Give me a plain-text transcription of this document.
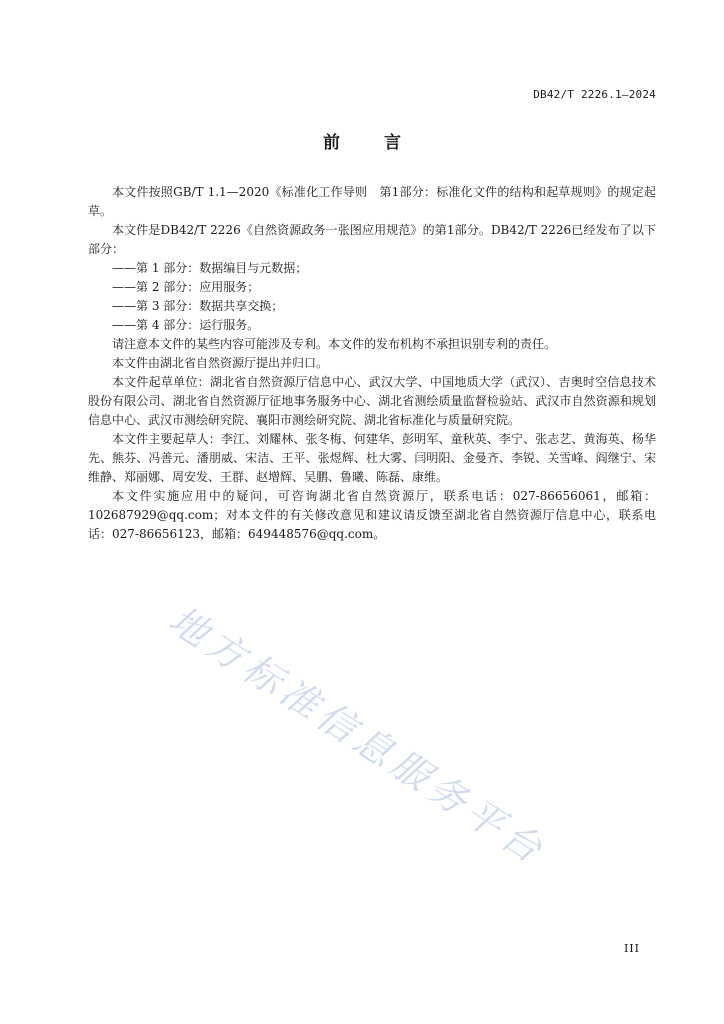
DB42/T 2226.1—2024
前	言

本文件按照GB/T 1.1—2020《标准化工作导则　第1部分：标准化文件的结构和起草规则》的规定起草。

本文件是DB42/T 2226《自然资源政务一张图应用规范》的第1部分。DB42/T 2226已经发布了以下部分：

——第 1 部分：数据编目与元数据；

——第 2 部分：应用服务；

——第 3 部分：数据共享交换；

——第 4 部分：运行服务。

请注意本文件的某些内容可能涉及专利。本文件的发布机构不承担识别专利的责任。

本文件由湖北省自然资源厅提出并归口。

本文件起草单位：湖北省自然资源厅信息中心、武汉大学、中国地质大学（武汉）、吉奥时空信息技术股份有限公司、湖北省自然资源厅征地事务服务中心、湖北省测绘质量监督检验站、武汉市自然资源和规划信息中心、武汉市测绘研究院、襄阳市测绘研究院、湖北省标准化与质量研究院。

本文件主要起草人：李江、刘耀林、张冬梅、何建华、彭明军、童秋英、李宁、张志艺、黄海英、杨华先、熊芬、冯善元、潘朋威、宋洁、王平、张煜辉、杜大雾、闫明阳、金曼齐、李锐、关雪峰、阎继宁、宋维静、郑丽娜、周安发、王群、赵增辉、吴鹏、鲁曦、陈磊、康维。

本文件实施应用中的疑问，可咨询湖北省自然资源厅，联系电话：027-86656061，邮箱：102687929@qq.com；对本文件的有关修改意见和建议请反馈至湖北省自然资源厅信息中心，联系电话：027-86656123，邮箱：649448576@qq.com。

地方标准信息服务平台
III
